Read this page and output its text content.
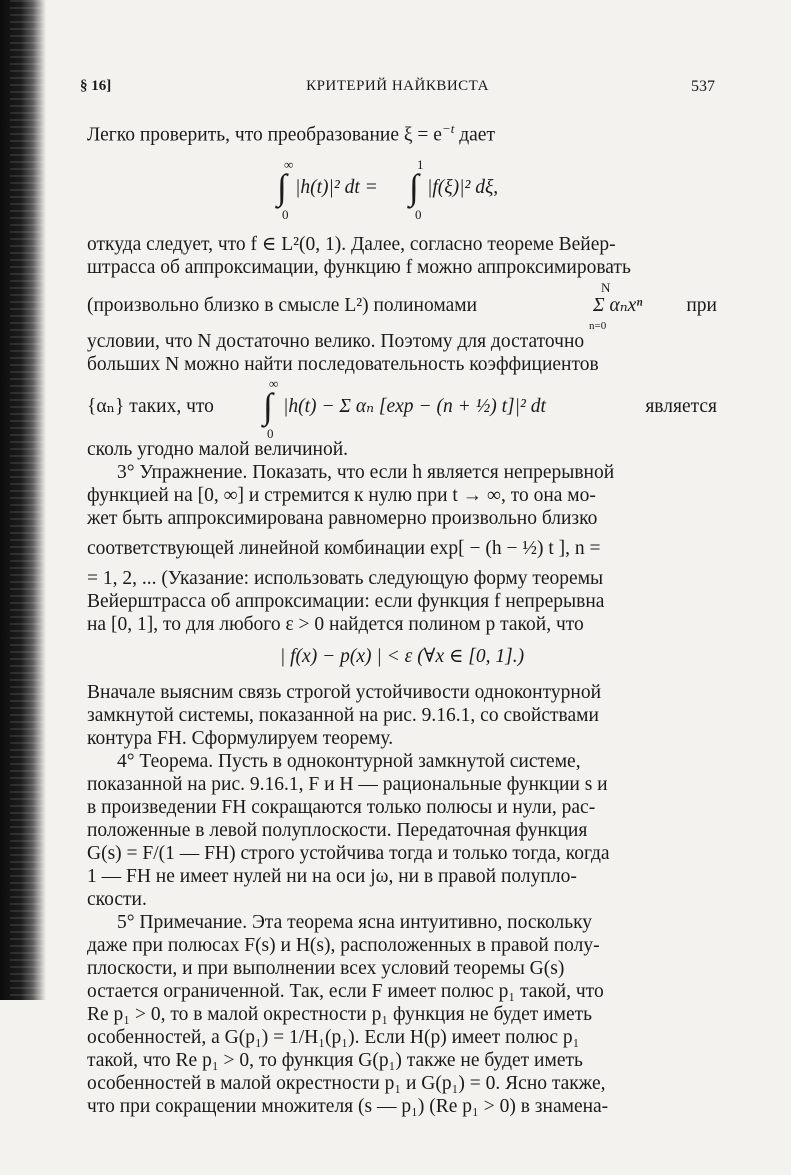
§ 16]	КРИТЕРИЙ НАЙКВИСТА	537
Легко проверить, что преобразование $\xi = e^{-t}$ дает
∞
0
∫ |h(t)|² dt =
1
0
∫ |f(ξ)|² dξ,
откуда следует, что f ∈ L²(0, 1). Далее, согласно теореме Вейер-
штрасса об аппроксимации, функцию f можно аппроксимировать
(произвольно близко в смысле L²) полиномами
N
Σ αₙxⁿ
n=0
при
условии, что N достаточно велико. Поэтому для достаточно
больших N можно найти последовательность коэффициентов
{αₙ} таких, что
∞
∫
0
|h(t) − Σ αₙ [exp − (n + ½) t]|² dt	является
сколь угодно малой величиной.
3° Упражнение. Показать, что если h является непрерывной
функцией на [0, ∞] и стремится к нулю при t → ∞, то она мо-
жет быть аппроксимирована равномерно произвольно близко
соответствующей линейной комбинации exp[ − (h − ½) t ], n =
= 1, 2, ... (Указание: использовать следующую форму теоремы
Вейерштрасса об аппроксимации: если функция f непрерывна
на [0, 1], то для любого ε > 0 найдется полином p такой, что
| f(x) − p(x) | < ε (∀x ∈ [0, 1].)
Вначале выясним связь строгой устойчивости одноконтурной
замкнутой системы, показанной на рис. 9.16.1, со свойствами
контура FH. Сформулируем теорему.
4° Теорема. Пусть в одноконтурной замкнутой системе,
показанной на рис. 9.16.1, F и H — рациональные функции s и
в произведении FH сокращаются только полюсы и нули, рас-
положенные в левой полуплоскости. Передаточная функция
G(s) = F/(1 — FH) строго устойчива тогда и только тогда, когда
1 — FH не имеет нулей ни на оси jω, ни в правой полупло-
скости.
5° Примечание. Эта теорема ясна интуитивно, поскольку
даже при полюсах F(s) и H(s), расположенных в правой полу-
плоскости, и при выполнении всех условий теоремы G(s)
остается ограниченной. Так, если F имеет полюс p₁ такой, что
Re p₁ > 0, то в малой окрестности p₁ функция не будет иметь
особенностей, а G(p₁) = 1/H₁(p₁). Если H(p) имеет полюс p₁
такой, что Re p₁ > 0, то функция G(p₁) также не будет иметь
особенностей в малой окрестности p₁ и G(p₁) = 0. Ясно также,
что при сокращении множителя (s — p₁) (Re p₁ > 0) в знамена-
